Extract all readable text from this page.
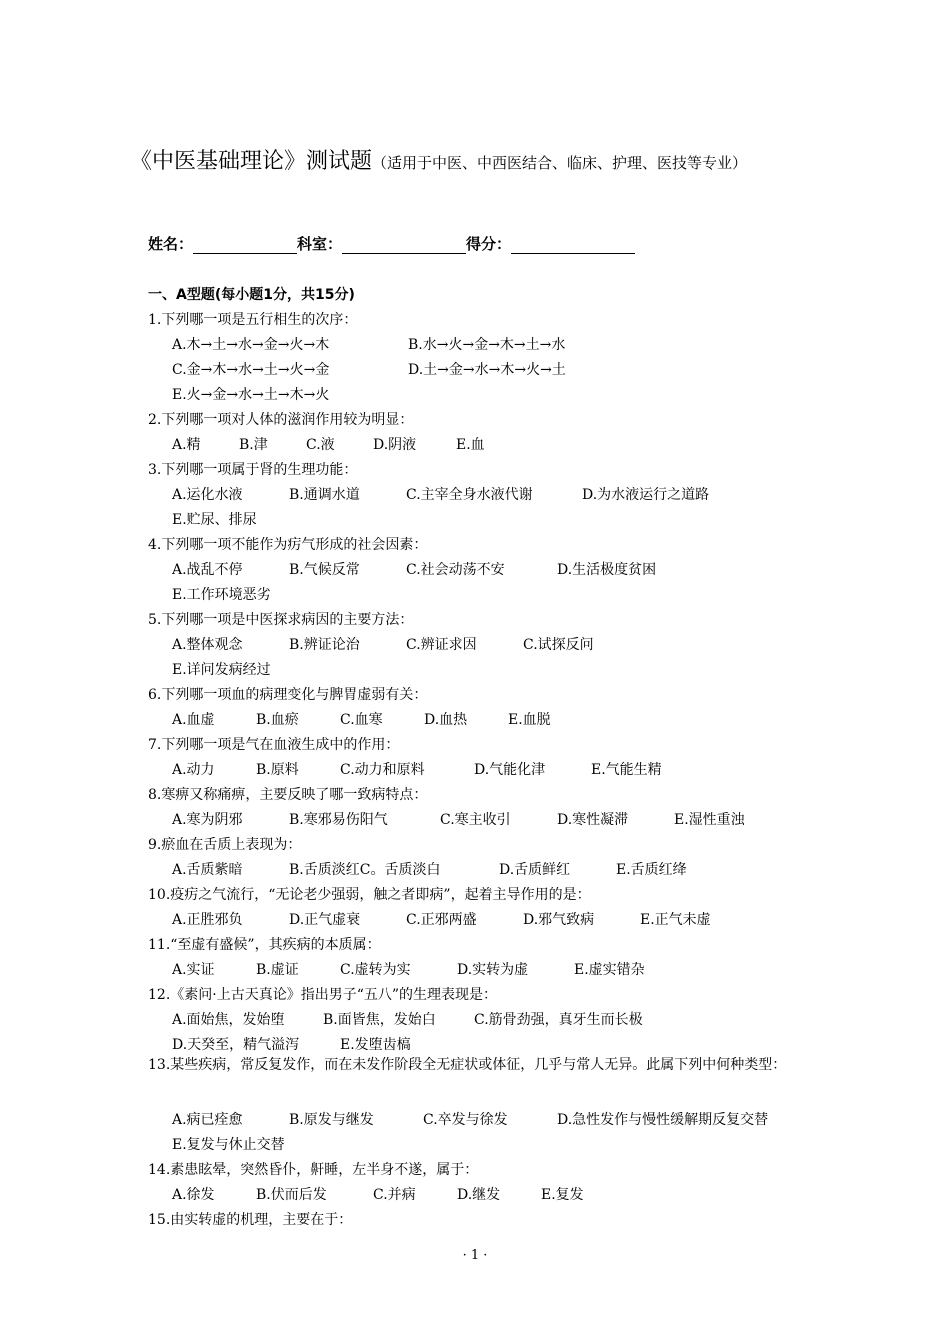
《中医基础理论》测试题（适用于中医、中西医结合、临床、护理、医技等专业）
姓名：	科室：	得分：
一、A型题(每小题1分，共15分)
1.下列哪一项是五行相生的次序：
A.木→土→水→金→火→木	B.水→火→金→木→土→水
C.金→木→水→土→火→金	D.土→金→水→木→火→土
E.火→金→水→土→木→火
2.下列哪一项对人体的滋润作用较为明显：
A.精	B.津	C.液	D.阴液	E.血
3.下列哪一项属于肾的生理功能：
A.运化水液	B.通调水道	C.主宰全身水液代谢	D.为水液运行之道路
E.贮尿、排尿
4.下列哪一项不能作为疠气形成的社会因素：
A.战乱不停	B.气候反常	C.社会动荡不安	D.生活极度贫困
E.工作环境恶劣
5.下列哪一项是中医探求病因的主要方法：
A.整体观念	B.辨证论治	C.辨证求因	C.试探反问
E.详问发病经过
6.下列哪一项血的病理变化与脾胃虚弱有关：
A.血虚	B.血瘀	C.血寒	D.血热	E.血脱
7.下列哪一项是气在血液生成中的作用：
A.动力	B.原料	C.动力和原料	D.气能化津	E.气能生精
8.寒痹又称痛痹，主要反映了哪一致病特点：
A.寒为阴邪	B.寒邪易伤阳气	C.寒主收引	D.寒性凝滞	E.湿性重浊
9.瘀血在舌质上表现为：
A.舌质紫暗	B.舌质淡红C。舌质淡白	D.舌质鲜红	E.舌质红绛
10.疫疠之气流行，“无论老少强弱，触之者即病”，起着主导作用的是：
A.正胜邪负	D.正气虚衰	C.正邪两盛	D.邪气致病	E.正气未虚
11.“至虚有盛候”，其疾病的本质属：
A.实证	B.虚证	C.虚转为实	D.实转为虚	E.虚实错杂
12.《素问·上古天真论》指出男子“五八”的生理表现是：
A.面始焦，发始堕	B.面皆焦，发始白	C.筋骨劲强，真牙生而长极
D.天癸至，精气溢泻	E.发堕齿槁
13.某些疾病，常反复发作，而在未发作阶段全无症状或体征，几乎与常人无异。此属下列中何种类型：
A.病已痊愈	B.原发与继发	C.卒发与徐发	D.急性发作与慢性缓解期反复交替
E.复发与休止交替
14.素患眩晕，突然昏仆，鼾睡，左半身不遂，属于：
A.徐发	B.伏而后发	C.并病	D.继发	E.复发
15.由实转虚的机理，主要在于：
· 1 ·
